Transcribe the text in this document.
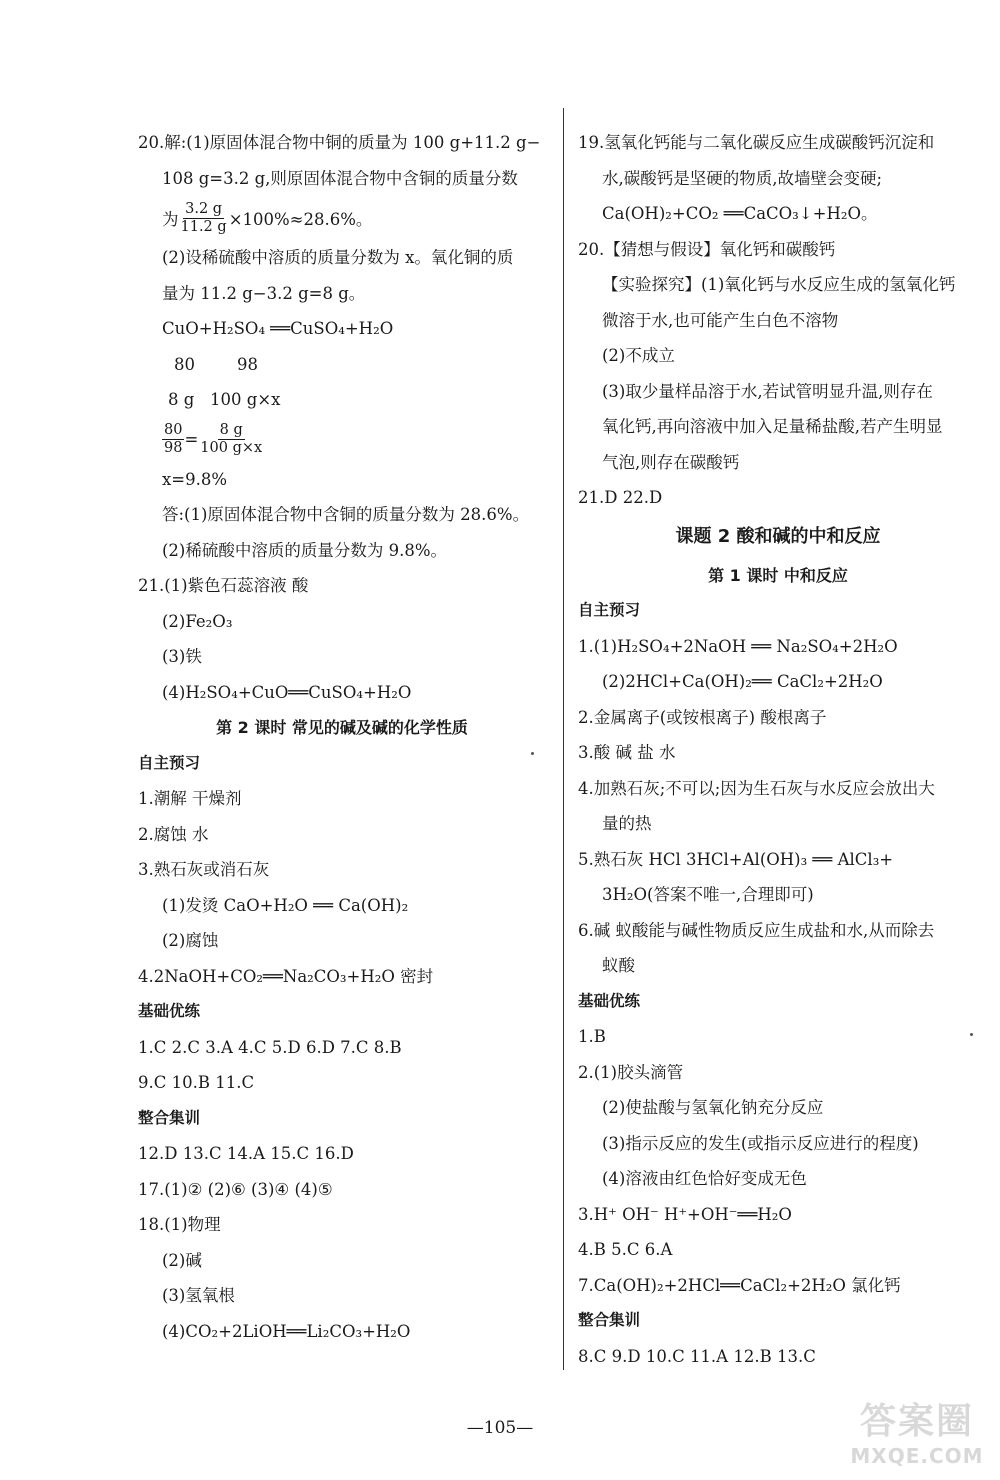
20.解:(1)原固体混合物中铜的质量为 100 g+11.2 g−
108 g=3.2 g,则原固体混合物中含铜的质量分数
为 $\frac{3.2 g}{11.2 g} \times 100\%\approx 28.6\%$。
(2)设稀硫酸中溶质的质量分数为 x。氧化铜的质
量为 11.2 g−3.2 g=8 g。
CuO+H₂SO₄ ══CuSO₄+H₂O
80        98
8 g   100 g×x
$\frac{80}{98} = \frac{8 g}{100 g\times x}$
x=9.8%
答:(1)原固体混合物中含铜的质量分数为 28.6%。
(2)稀硫酸中溶质的质量分数为 9.8%。
21.(1)紫色石蕊溶液 酸
(2)Fe₂O₃
(3)铁
(4)H₂SO₄+CuO══CuSO₄+H₂O
第 2 课时 常见的碱及碱的化学性质
自主预习
1.潮解 干燥剂
2.腐蚀 水
3.熟石灰或消石灰
(1)发烫 CaO+H₂O ══ Ca(OH)₂
(2)腐蚀
4.2NaOH+CO₂══Na₂CO₃+H₂O 密封
基础优练
1.C 2.C 3.A 4.C 5.D 6.D 7.C 8.B
9.C 10.B 11.C
整合集训
12.D 13.C 14.A 15.C 16.D
17.(1)② (2)⑥ (3)④ (4)⑤
18.(1)物理
(2)碱
(3)氢氧根
(4)CO₂+2LiOH══Li₂CO₃+H₂O
19.氢氧化钙能与二氧化碳反应生成碳酸钙沉淀和
水,碳酸钙是坚硬的物质,故墙壁会变硬;
Ca(OH)₂+CO₂ ══CaCO₃↓+H₂O。
20.【猜想与假设】氧化钙和碳酸钙
【实验探究】(1)氧化钙与水反应生成的氢氧化钙
微溶于水,也可能产生白色不溶物
(2)不成立
(3)取少量样品溶于水,若试管明显升温,则存在
氧化钙,再向溶液中加入足量稀盐酸,若产生明显
气泡,则存在碳酸钙
21.D 22.D
课题 2 酸和碱的中和反应
第 1 课时 中和反应
自主预习
1.(1)H₂SO₄+2NaOH ══ Na₂SO₄+2H₂O
(2)2HCl+Ca(OH)₂══ CaCl₂+2H₂O
2.金属离子(或铵根离子) 酸根离子
3.酸 碱 盐 水
4.加熟石灰;不可以;因为生石灰与水反应会放出大
量的热
5.熟石灰 HCl 3HCl+Al(OH)₃ ══ AlCl₃+
3H₂O(答案不唯一,合理即可)
6.碱 蚁酸能与碱性物质反应生成盐和水,从而除去
蚁酸
基础优练
1.B
2.(1)胶头滴管
(2)使盐酸与氢氧化钠充分反应
(3)指示反应的发生(或指示反应进行的程度)
(4)溶液由红色恰好变成无色
3.H⁺ OH⁻ H⁺+OH⁻══H₂O
4.B 5.C 6.A
7.Ca(OH)₂+2HCl══CaCl₂+2H₂O 氯化钙
整合集训
8.C 9.D 10.C 11.A 12.B 13.C
—105—	答案圈
MXQE.COM
